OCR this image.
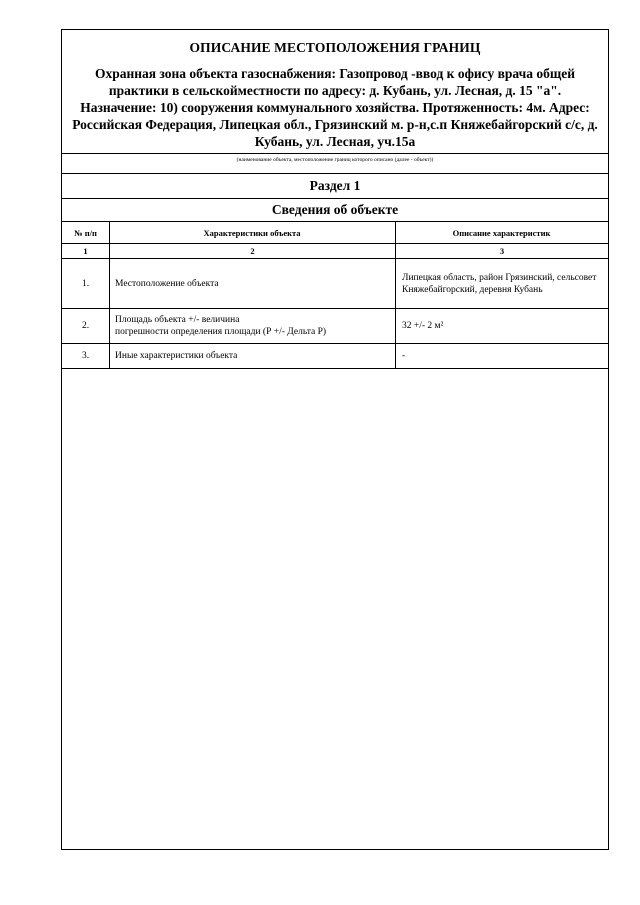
ОПИСАНИЕ МЕСТОПОЛОЖЕНИЯ ГРАНИЦ
Охранная зона объекта газоснабжения: Газопровод -ввод к офису врача общей практики в сельскойместности по адресу: д. Кубань, ул. Лесная, д. 15 "а". Назначение: 10) сооружения коммунального хозяйства. Протяженность: 4м. Адрес: Российская Федерация, Липецкая обл., Грязинский м. р-н,с.п Княжебайгорский с/с, д. Кубань, ул. Лесная, уч.15а
(наименование объекта, местоположение границ которого описано (далее - объект))
Раздел 1
Сведения об объекте
№ п/п	Характеристики объекта	Описание характеристик
1	2	3
1.	Местоположение объекта	Липецкая область, район Грязинский, сельсовет Княжебайгорский, деревня Кубань
2.	Площадь объекта +/- величина
погрешности определения площади (Р +/- Дельта Р)	32 +/- 2 м²
3.	Иные характеристики объекта	-
